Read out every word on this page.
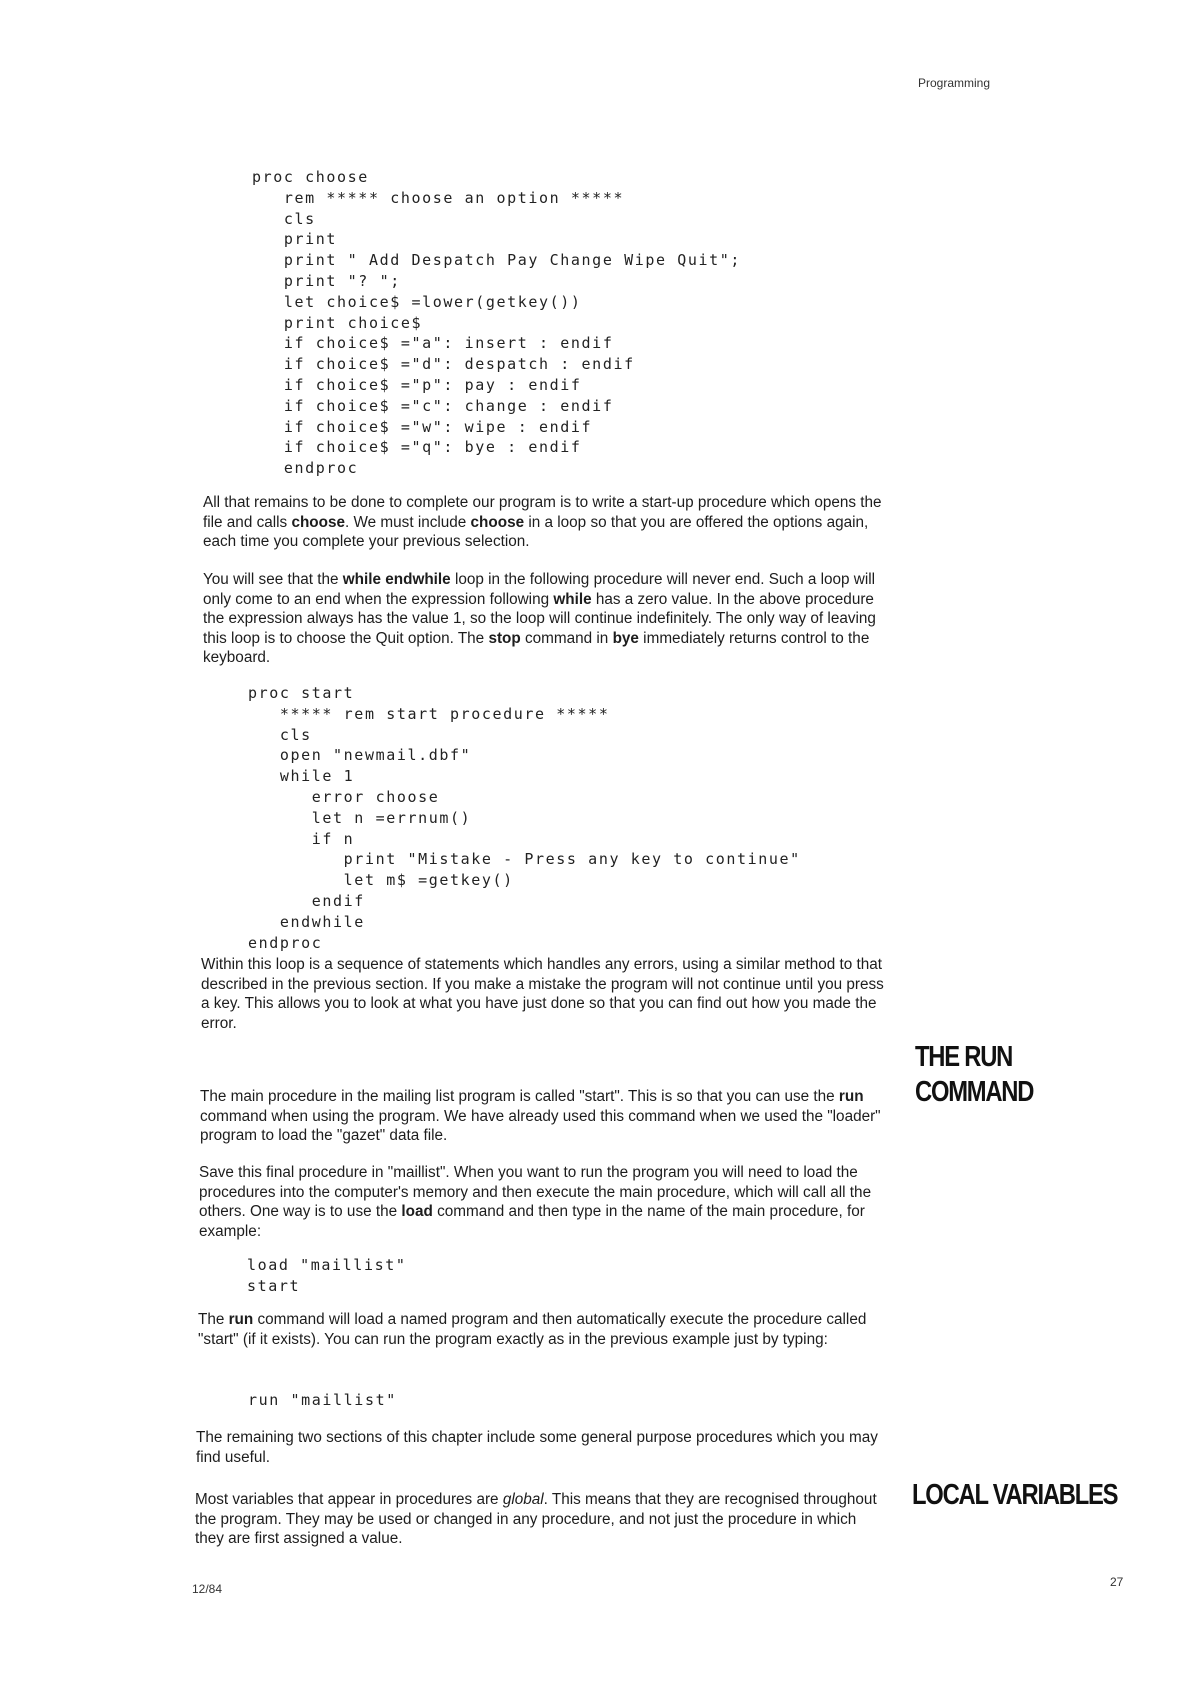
Programming
proc choose
rem ***** choose an option *****
cls
print
print " Add Despatch Pay Change Wipe Quit";
print "? ";
let choice$ =lower(getkey())
print choice$
if choice$ ="a": insert : endif
if choice$ ="d": despatch : endif
if choice$ ="p": pay : endif
if choice$ ="c": change : endif
if choice$ ="w": wipe : endif
if choice$ ="q": bye : endif
endproc

All that remains to be done to complete our program is to write a start-up procedure which opens the file and calls choose. We must include choose in a loop so that you are offered the options again, each time you complete your previous selection.

You will see that the while endwhile loop in the following procedure will never end. Such a loop will only come to an end when the expression following while has a zero value. In the above procedure the expression always has the value 1, so the loop will continue indefinitely. The only way of leaving this loop is to choose the Quit option. The stop command in bye immediately returns control to the keyboard.

proc start
***** rem start procedure *****
cls
open "newmail.dbf"
while 1
error choose
let n =errnum()
if n
print "Mistake - Press any key to continue"
let m$ =getkey()
endif
endwhile
endproc

Within this loop is a sequence of statements which handles any errors, using a similar method to that described in the previous section. If you make a mistake the program will not continue until you press a key. This allows you to look at what you have just done so that you can find out how you made the error.

THE RUN
COMMAND

The main procedure in the mailing list program is called "start". This is so that you can use the run command when using the program. We have already used this command when we used the "loader" program to load the "gazet" data file.

Save this final procedure in "maillist". When you want to run the program you will need to load the procedures into the computer's memory and then execute the main procedure, which will call all the others. One way is to use the load command and then type in the name of the main procedure, for example:

load "maillist"
start

The run command will load a named program and then automatically execute the procedure called "start" (if it exists). You can run the program exactly as in the previous example just by typing:

run "maillist"

The remaining two sections of this chapter include some general purpose procedures which you may find useful.

LOCAL VARIABLES

Most variables that appear in procedures are global. This means that they are recognised throughout the program. They may be used or changed in any procedure, and not just the procedure in which they are first assigned a value.

12/84	27
